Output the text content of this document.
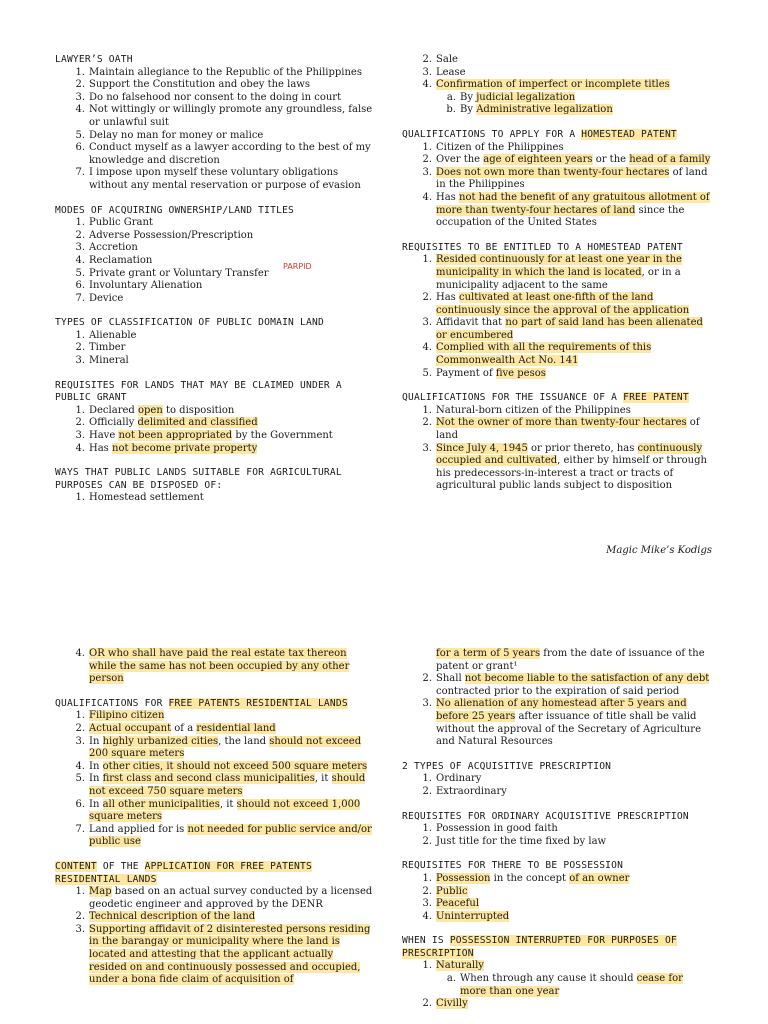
LAWYER’S OATH
1. Maintain allegiance to the Republic of the Philippines
2. Support the Constitution and obey the laws
3. Do no falsehood nor consent to the doing in court
4. Not wittingly or willingly promote any groundless, false or unlawful suit
5. Delay no man for money or malice
6. Conduct myself as a lawyer according to the best of my knowledge and discretion
7. I impose upon myself these voluntary obligations without any mental reservation or purpose of evasion
MODES OF ACQUIRING OWNERSHIP/LAND TITLES
1. Public Grant
2. Adverse Possession/Prescription
3. Accretion
4. Reclamation
5. Private grant or Voluntary Transfer
6. Involuntary Alienation
7. Device
TYPES OF CLASSIFICATION OF PUBLIC DOMAIN LAND
1. Alienable
2. Timber
3. Mineral
REQUISITES FOR LANDS THAT MAY BE CLAIMED UNDER A PUBLIC GRANT
1. Declared open to disposition
2. Officially delimited and classified
3. Have not been appropriated by the Government
4. Has not become private property
WAYS THAT PUBLIC LANDS SUITABLE FOR AGRICULTURAL PURPOSES CAN BE DISPOSED OF:
1. Homestead settlement
PARPID
2. Sale
3. Lease
4. Confirmation of imperfect or incomplete titles
a. By judicial legalization
b. By Administrative legalization
QUALIFICATIONS TO APPLY FOR A HOMESTEAD PATENT
1. Citizen of the Philippines
2. Over the age of eighteen years or the head of a family
3. Does not own more than twenty-four hectares of land in the Philippines
4. Has not had the benefit of any gratuitous allotment of more than twenty-four hectares of land since the occupation of the United States
REQUISITES TO BE ENTITLED TO A HOMESTEAD PATENT
1. Resided continuously for at least one year in the municipality in which the land is located, or in a municipality adjacent to the same
2. Has cultivated at least one-fifth of the land continuously since the approval of the application
3. Affidavit that no part of said land has been alienated or encumbered
4. Complied with all the requirements of this Commonwealth Act No. 141
5. Payment of five pesos
QUALIFICATIONS FOR THE ISSUANCE OF A FREE PATENT
1. Natural-born citizen of the Philippines
2. Not the owner of more than twenty-four hectares of land
3. Since July 4, 1945 or prior thereto, has continuously occupied and cultivated, either by himself or through his predecessors-in-interest a tract or tracts of agricultural public lands subject to disposition
Magic Mike’s Kodigs
4. OR who shall have paid the real estate tax thereon while the same has not been occupied by any other person
QUALIFICATIONS FOR FREE PATENTS RESIDENTIAL LANDS
1. Filipino citizen
2. Actual occupant of a residential land
3. In highly urbanized cities, the land should not exceed 200 square meters
4. In other cities, it should not exceed 500 square meters
5. In first class and second class municipalities, it should not exceed 750 square meters
6. In all other municipalities, it should not exceed 1,000 square meters
7. Land applied for is not needed for public service and/or public use
CONTENT OF THE APPLICATION FOR FREE PATENTS RESIDENTIAL LANDS
1. Map based on an actual survey conducted by a licensed geodetic engineer and approved by the DENR
2. Technical description of the land
3. Supporting affidavit of 2 disinterested persons residing in the barangay or municipality where the land is located and attesting that the applicant actually resided on and continuously possessed and occupied, under a bona fide claim of acquisition of
for a term of 5 years from the date of issuance of the patent or grant¹
2. Shall not become liable to the satisfaction of any debt contracted prior to the expiration of said period
3. No alienation of any homestead after 5 years and before 25 years after issuance of title shall be valid without the approval of the Secretary of Agriculture and Natural Resources
2 TYPES OF ACQUISITIVE PRESCRIPTION
1. Ordinary
2. Extraordinary
REQUISITES FOR ORDINARY ACQUISITIVE PRESCRIPTION
1. Possession in good faith
2. Just title for the time fixed by law
REQUISITES FOR THERE TO BE POSSESSION
1. Possession in the concept of an owner
2. Public
3. Peaceful
4. Uninterrupted
WHEN IS POSSESSION INTERRUPTED FOR PURPOSES OF PRESCRIPTION
1. Naturally
a. When through any cause it should cease for more than one year
2. Civilly
